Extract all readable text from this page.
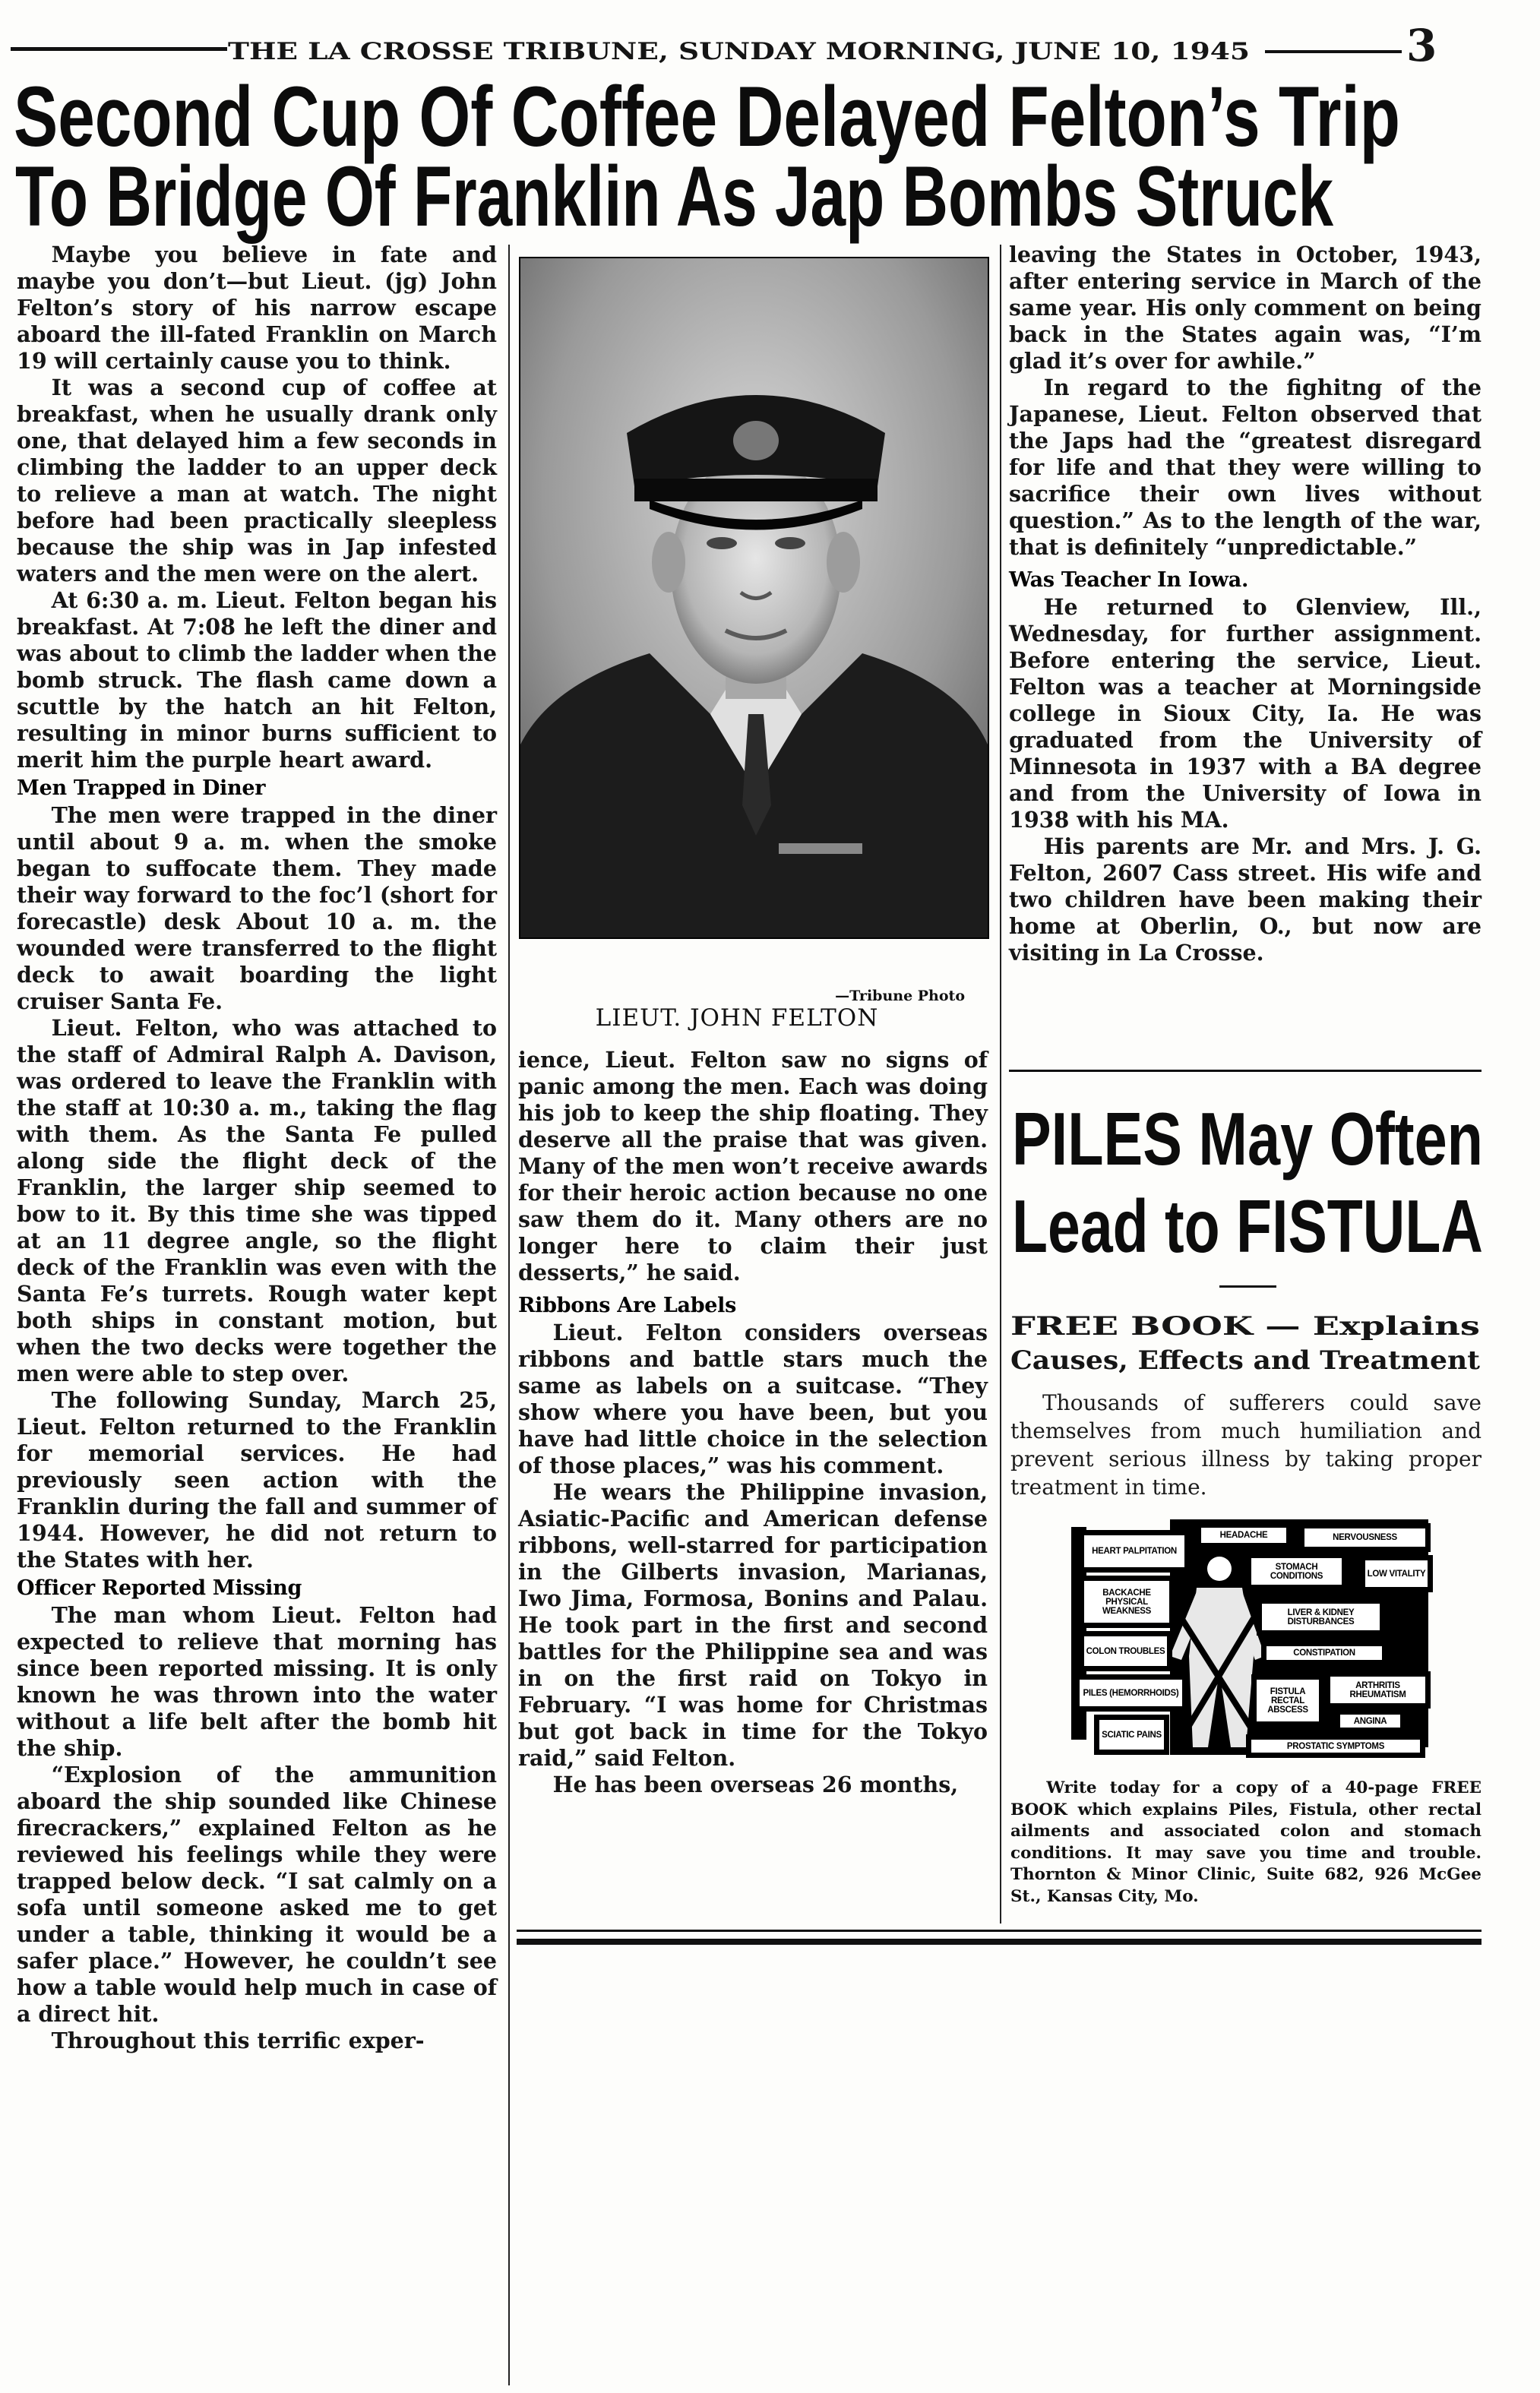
THE LA CROSSE TRIBUNE, SUNDAY MORNING, JUNE 10, 1945	3
Second Cup Of Coffee Delayed Felton’s Trip
To Bridge Of Franklin As Jap Bombs Struck

Maybe you believe in fate and maybe you don’t—but Lieut. (jg) John Felton’s story of his narrow escape aboard the ill-fated Franklin on March 19 will certainly cause you to think.

It was a second cup of coffee at breakfast, when he usually drank only one, that delayed him a few seconds in climbing the ladder to an upper deck to relieve a man at watch. The night before had been practically sleepless because the ship was in Jap infested waters and the men were on the alert.

At 6:30 a. m. Lieut. Felton began his breakfast. At 7:08 he left the diner and was about to climb the ladder when the bomb struck. The flash came down a scuttle by the hatch an hit Felton, resulting in minor burns sufficient to merit him the purple heart award.

Men Trapped in Diner

The men were trapped in the diner until about 9 a. m. when the smoke began to suffocate them. They made their way forward to the foc’l (short for forecastle) desk About 10 a. m. the wounded were transferred to the flight deck to await boarding the light cruiser Santa Fe.

Lieut. Felton, who was attached to the staff of Admiral Ralph A. Davison, was ordered to leave the Franklin with the staff at 10:30 a. m., taking the flag with them. As the Santa Fe pulled along side the flight deck of the Franklin, the larger ship seemed to bow to it. By this time she was tipped at an 11 degree angle, so the flight deck of the Franklin was even with the Santa Fe’s turrets. Rough water kept both ships in constant motion, but when the two decks were together the men were able to step over.

The following Sunday, March 25, Lieut. Felton returned to the Franklin for memorial services. He had previously seen action with the Franklin during the fall and summer of 1944. However, he did not return to the States with her.

Officer Reported Missing

The man whom Lieut. Felton had expected to relieve that morning has since been reported missing. It is only known he was thrown into the water without a life belt after the bomb hit the ship.

“Explosion of the ammunition aboard the ship sounded like Chinese firecrackers,” explained Felton as he reviewed his feelings while they were trapped below deck. “I sat calmly on a sofa until someone asked me to get under a table, thinking it would be a safer place.” However, he couldn’t see how a table would help much in case of a direct hit.

Throughout this terrific exper-

—Tribune Photo
LIEUT. JOHN FELTON

ience, Lieut. Felton saw no signs of panic among the men. Each was doing his job to keep the ship floating. They deserve all the praise that was given. Many of the men won’t receive awards for their heroic action because no one saw them do it. Many others are no longer here to claim their just desserts,” he said.

Ribbons Are Labels

Lieut. Felton considers overseas ribbons and battle stars much the same as labels on a suitcase. “They show where you have been, but you have had little choice in the selection of those places,” was his comment.

He wears the Philippine invasion, Asiatic-Pacific and American defense ribbons, well-starred for participation in the Gilberts invasion, Marianas, Iwo Jima, Formosa, Bonins and Palau. He took part in the first and second battles for the Philippine sea and was in on the first raid on Tokyo in February. “I was home for Christmas but got back in time for the Tokyo raid,” said Felton.

He has been overseas 26 months,

leaving the States in October, 1943, after entering service in March of the same year. His only comment on being back in the States again was, “I’m glad it’s over for awhile.”

In regard to the fighitng of the Japanese, Lieut. Felton observed that the Japs had the “greatest disregard for life and that they were willing to sacrifice their own lives without question.” As to the length of the war, that is definitely “unpredictable.”

Was Teacher In Iowa.

He returned to Glenview, Ill., Wednesday, for further assignment. Before entering the service, Lieut. Felton was a teacher at Morningside college in Sioux City, Ia. He was graduated from the University of Minnesota in 1937 with a BA degree and from the University of Iowa in 1938 with his MA.

His parents are Mr. and Mrs. J. G. Felton, 2607 Cass street. His wife and two children have been making their home at Oberlin, O., but now are visiting in La Crosse.

PILES May Often
Lead to FISTULA
FREE BOOK — Explains
Causes, Effects and Treatment

Thousands of sufferers could save themselves from much humiliation and prevent serious illness by taking proper treatment in time.

HEART PALPITATION
BACKACHE PHYSICAL WEAKNESS
COLON TROUBLES
PILES (HEMORRHOIDS)
SCIATIC PAINS
HEADACHE	NERVOUSNESS
STOMACH CONDITIONS	LOW VITALITY
LIVER & KIDNEY DISTURBANCES
CONSTIPATION
FISTULA RECTAL ABSCESS
ARTHRITIS RHEUMATISM
ANGINA
PROSTATIC SYMPTOMS

Write today for a copy of a 40-page FREE BOOK which explains Piles, Fistula, other rectal ailments and associated colon and stomach conditions. It may save you time and trouble. Thornton & Minor Clinic, Suite 682, 926 McGee St., Kansas City, Mo.
